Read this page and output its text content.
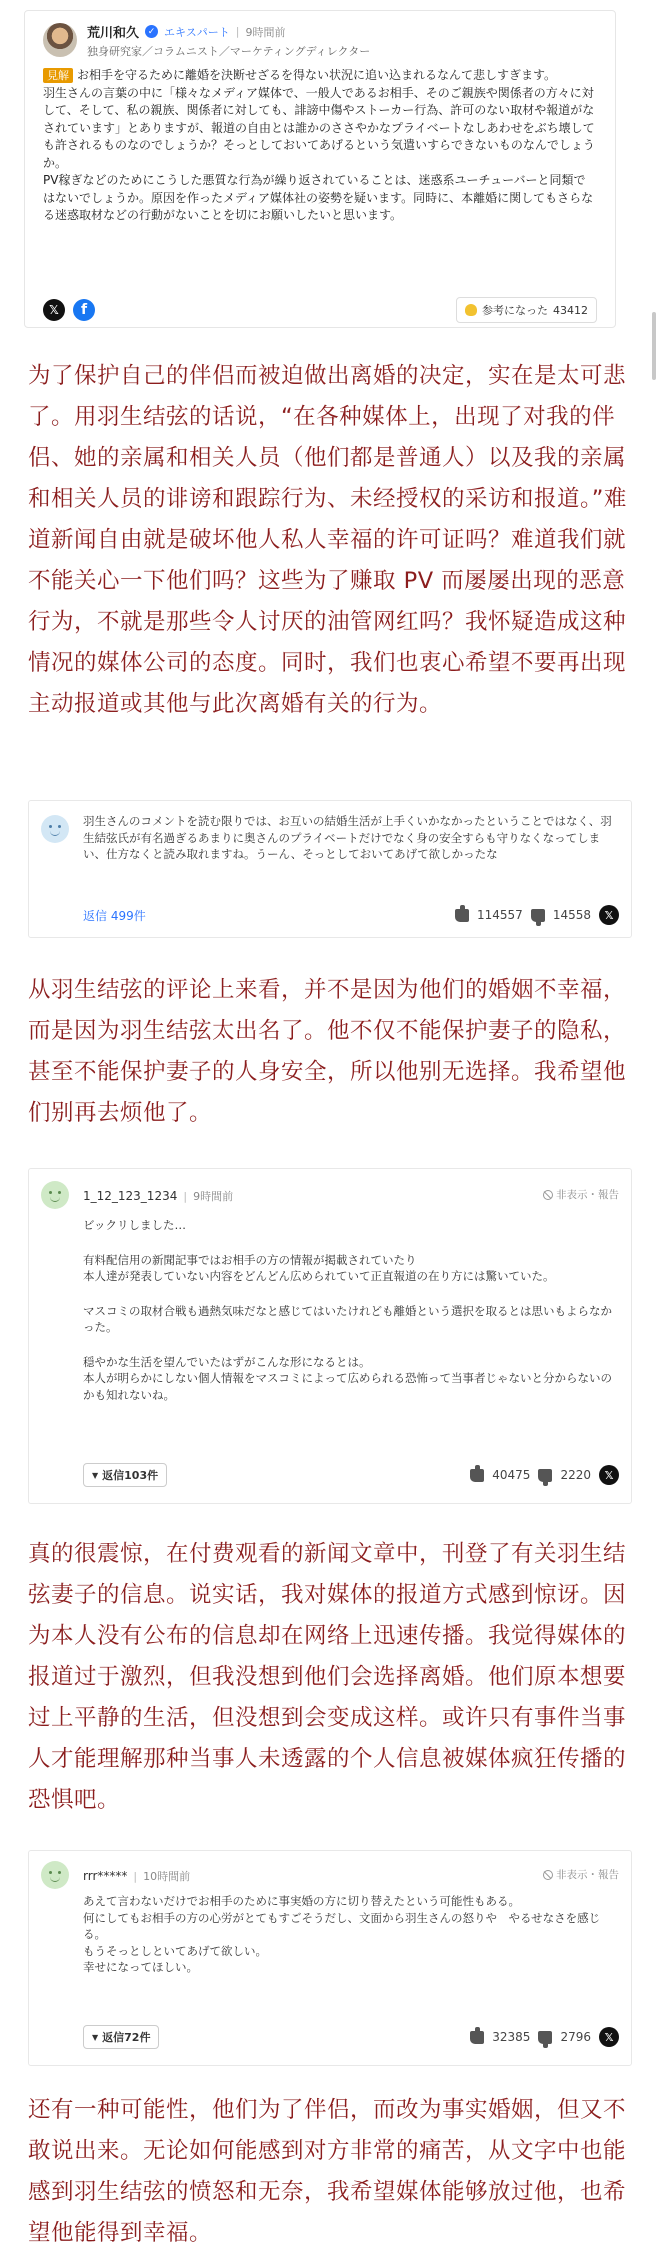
荒川和久 ✓ エキスパート | 9時間前
独身研究家／コラムニスト／マーケティングディレクター

見解 お相手を守るために離婚を決断せざるを得ない状況に追い込まれるなんて悲しすぎます。

羽生さんの言葉の中に「様々なメディア媒体で、一般人であるお相手、そのご親族や関係者の方々に対して、そして、私の親族、関係者に対しても、誹謗中傷やストーカー行為、許可のない取材や報道がなされています」とありますが、報道の自由とは誰かのささやかなプライベートなしあわせをぶち壊しても許されるものなのでしょうか？そっとしておいてあげるという気遣いすらできないものなんでしょうか。

PV稼ぎなどのためにこうした悪質な行為が繰り返されていることは、迷惑系ユーチューバーと同類ではないでしょうか。原因を作ったメディア媒体社の姿勢を疑います。同時に、本離婚に関してもさらなる迷惑取材などの行動がないことを切にお願いしたいと思います。

𝕏	f	参考になった 43412
为了保护自己的伴侣而被迫做出离婚的决定，实在是太可悲了。用羽生结弦的话说，“在各种媒体上，出现了对我的伴侣、她的亲属和相关人员（他们都是普通人）以及我的亲属和相关人员的诽谤和跟踪行为、未经授权的采访和报道。”难道新闻自由就是破坏他人私人幸福的许可证吗？难道我们就不能关心一下他们吗？这些为了赚取 PV 而屡屡出现的恶意行为，不就是那些令人讨厌的油管网红吗？我怀疑造成这种情况的媒体公司的态度。同时，我们也衷心希望不要再出现主动报道或其他与此次离婚有关的行为。
羽生さんのコメントを読む限りでは、お互いの結婚生活が上手くいかなかったということではなく、羽生結弦氏が有名過ぎるあまりに奥さんのプライベートだけでなく身の安全すらも守りなくなってしまい、仕方なくと読み取れますね。うーん、そっとしておいてあげて欲しかったな
返信 499件	114557	14558	𝕏
从羽生结弦的评论上来看，并不是因为他们的婚姻不幸福，而是因为羽生结弦太出名了。他不仅不能保护妻子的隐私，甚至不能保护妻子的人身安全，所以他别无选择。我希望他们别再去烦他了。
1_12_123_1234 | 9時間前	非表示・報告

ビックリしました…

有料配信用の新聞記事ではお相手の方の情報が掲載されていたり

本人達が発表していない内容をどんどん広められていて正直報道の在り方には驚いていた。

マスコミの取材合戦も過熱気味だなと感じてはいたけれども離婚という選択を取るとは思いもよらなかった。

穏やかな生活を望んでいたはずがこんな形になるとは。

本人が明らかにしない個人情報をマスコミによって広められる恐怖って当事者じゃないと分からないのかも知れないね。

▼ 返信103件	40475	2220	𝕏
真的很震惊，在付费观看的新闻文章中，刊登了有关羽生结弦妻子的信息。说实话，我对媒体的报道方式感到惊讶。因为本人没有公布的信息却在网络上迅速传播。我觉得媒体的报道过于激烈，但我没想到他们会选择离婚。他们原本想要过上平静的生活，但没想到会变成这样。或许只有事件当事人才能理解那种当事人未透露的个人信息被媒体疯狂传播的恐惧吧。
rrr***** | 10時間前	非表示・報告

あえて言わないだけでお相手のために事実婚の方に切り替えたという可能性もある。

何にしてもお相手の方の心労がとてもすごそうだし、文面から羽生さんの怒りや　やるせなさを感じる。

もうそっとしといてあげて欲しい。

幸せになってほしい。

▼ 返信72件	32385	2796	𝕏
还有一种可能性，他们为了伴侣，而改为事实婚姻，但又不敢说出来。无论如何能感到对方非常的痛苦，从文字中也能感到羽生结弦的愤怒和无奈，我希望媒体能够放过他，也希望他能得到幸福。
